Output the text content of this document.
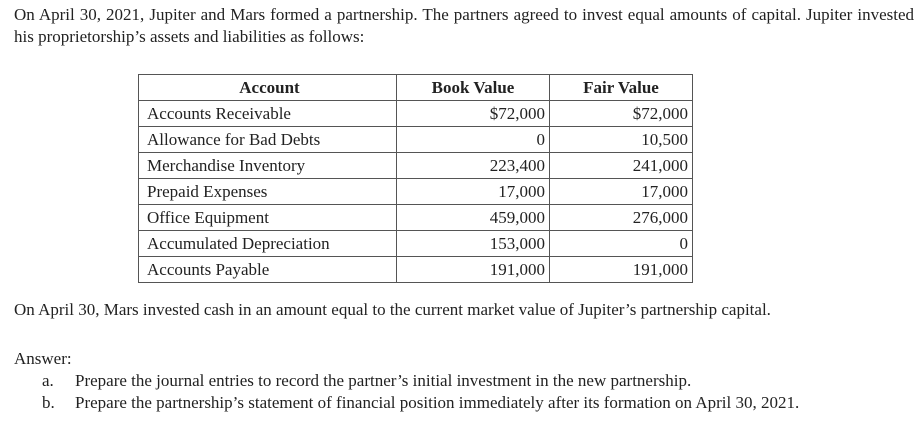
On April 30, 2021, Jupiter and Mars formed a partnership. The partners agreed to invest equal amounts of capital. Jupiter invested his proprietorship’s assets and liabilities as follows:

Account	Book Value	Fair Value
Accounts Receivable	$72,000	$72,000
Allowance for Bad Debts	0	10,500
Merchandise Inventory	223,400	241,000
Prepaid Expenses	17,000	17,000
Office Equipment	459,000	276,000
Accumulated Depreciation	153,000	0
Accounts Payable	191,000	191,000

On April 30, Mars invested cash in an amount equal to the current market value of Jupiter’s partnership capital.

Answer:

a.	Prepare the journal entries to record the partner’s initial investment in the new partnership.
b.	Prepare the partnership’s statement of financial position immediately after its formation on April 30, 2021.
